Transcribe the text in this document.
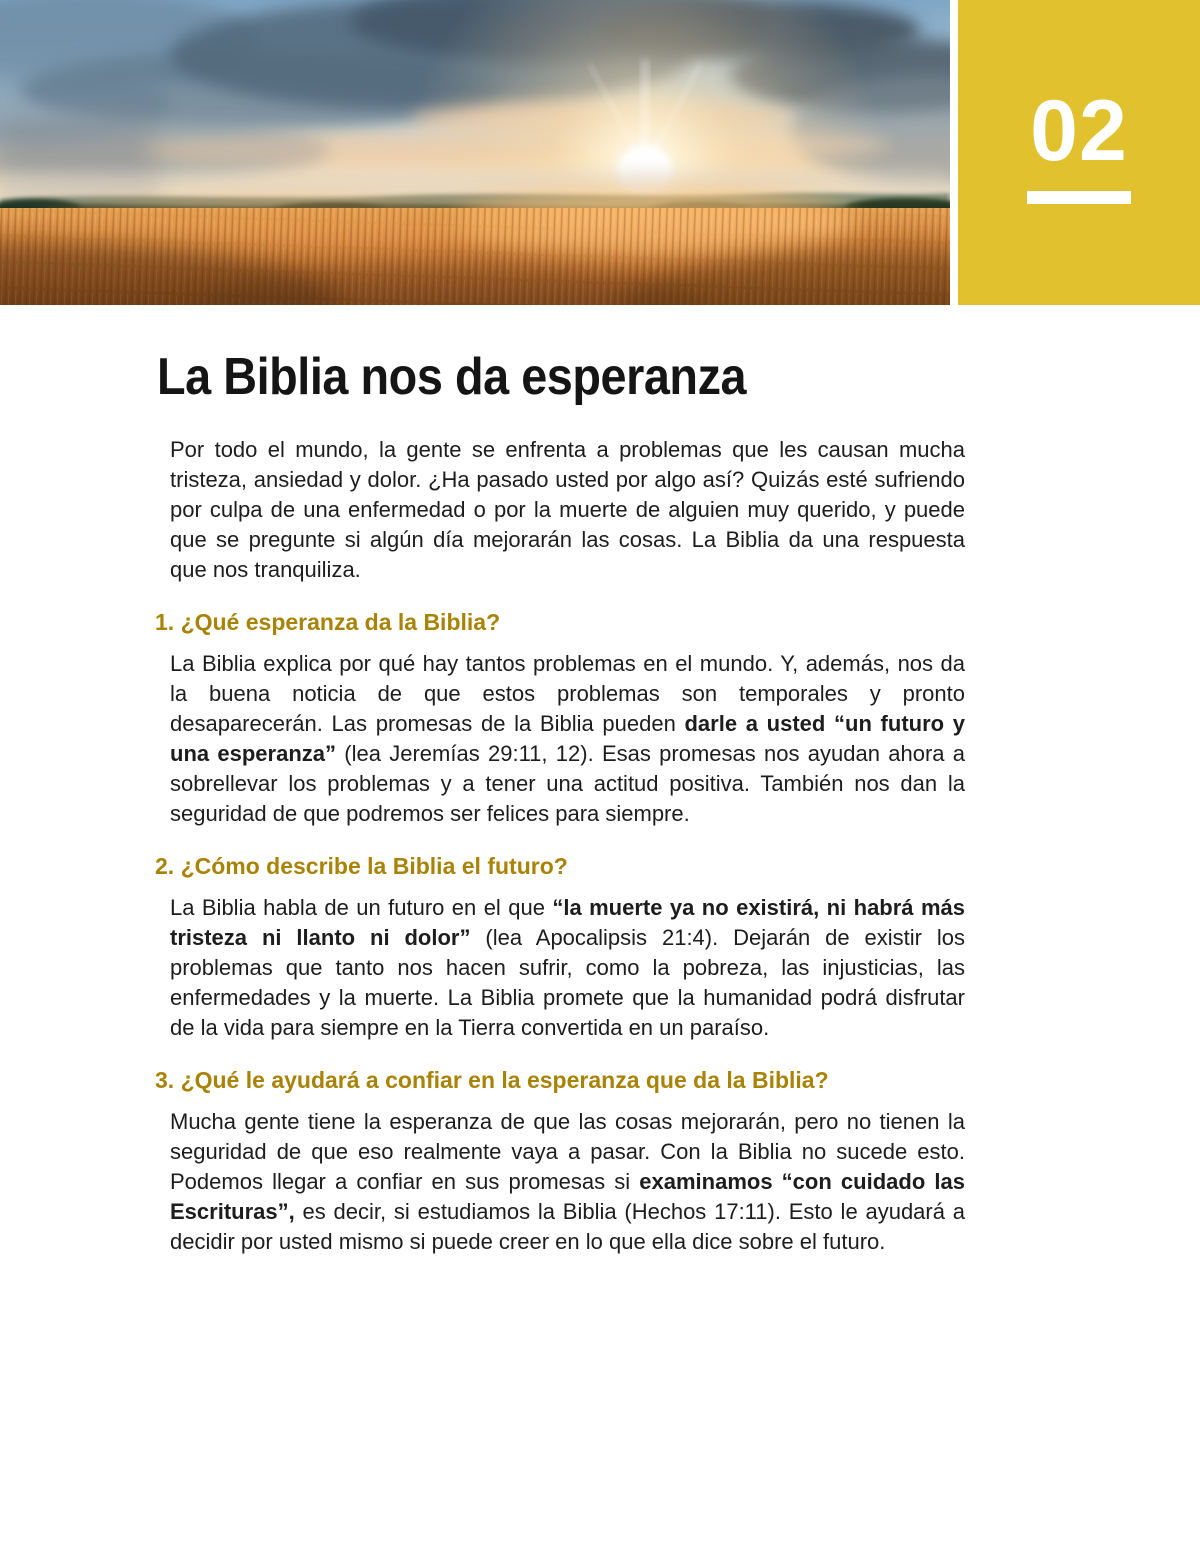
02
La Biblia nos da esperanza

Por todo el mundo, la gente se enfrenta a problemas que les causan mucha tristeza, ansiedad y dolor. ¿Ha pasado usted por algo así? Quizás esté sufriendo por culpa de una enfermedad o por la muerte de alguien muy querido, y puede que se pregunte si algún día mejorarán las cosas. La Biblia da una respuesta que nos tranquiliza.

1. ¿Qué esperanza da la Biblia?

La Biblia explica por qué hay tantos problemas en el mundo. Y, además, nos da la buena noticia de que estos problemas son temporales y pronto desaparecerán. Las promesas de la Biblia pueden darle a usted “un futuro y una esperanza” (lea Jeremías 29:11, 12). Esas promesas nos ayudan ahora a sobrellevar los problemas y a tener una actitud positiva. También nos dan la seguridad de que podremos ser felices para siempre.

2. ¿Cómo describe la Biblia el futuro?

La Biblia habla de un futuro en el que “la muerte ya no existirá, ni habrá más tristeza ni llanto ni dolor” (lea Apocalipsis 21:4). Dejarán de existir los problemas que tanto nos hacen sufrir, como la pobreza, las injusticias, las enfermedades y la muerte. La Biblia promete que la humanidad podrá disfrutar de la vida para siempre en la Tierra convertida en un paraíso.

3. ¿Qué le ayudará a confiar en la esperanza que da la Biblia?

Mucha gente tiene la esperanza de que las cosas mejorarán, pero no tienen la seguridad de que eso realmente vaya a pasar. Con la Biblia no sucede esto. Podemos llegar a confiar en sus promesas si examinamos “con cuidado las Escrituras”, es decir, si estudiamos la Biblia (Hechos 17:11). Esto le ayudará a decidir por usted mismo si puede creer en lo que ella dice sobre el futuro.
